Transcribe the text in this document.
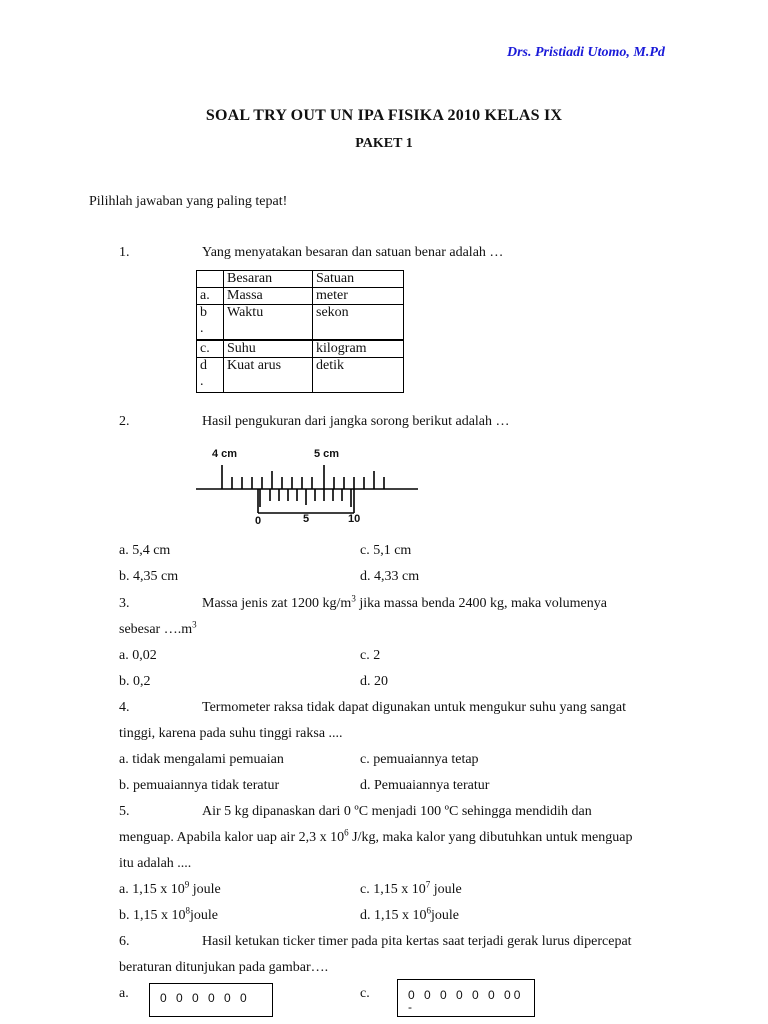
Drs. Pristiadi Utomo, M.Pd
SOAL TRY OUT UN IPA FISIKA 2010 KELAS IX
PAKET 1
Pilihlah jawaban yang paling tepat!
1.	Yang menyatakan besaran dan satuan benar adalah …
	Besaran	Satuan
a.	Massa	meter
b
.	Waktu	sekon
c.	Suhu	kilogram
d
.	Kuat arus	detik
2.	Hasil pengukuran dari jangka sorong berikut adalah …
4 cm	5 cm
0	5	10
a. 5,4 cm	c. 5,1 cm
b. 4,35 cm	d. 4,33 cm
3.	Massa jenis zat 1200 $kg/m^3$ jika massa benda 2400 kg, maka volumenya
sebesar $\dots.m^3$
a. 0,02	c. 2
b. 0,2	d. 20
4.	Termometer raksa tidak dapat digunakan untuk mengukur suhu yang sangat
tinggi, karena pada suhu tinggi raksa ....
a. tidak mengalami pemuaian	c. pemuaiannya tetap
b. pemuaiannya tidak teratur	d. Pemuaiannya teratur
5.	Air 5 kg dipanaskan dari 0 ºC menjadi 100 ºC sehingga mendidih dan
menguap. Apabila kalor uap air 2,3 x $10^6$ J/kg, maka kalor yang dibutuhkan untuk menguap
itu adalah ....
a. 1,15 x $10^9$ joule	c. 1,15 x $10^7$ joule
b. 1,15 x $10^8joule$	d. 1,15 x $10^6joule$
6.	Hasil ketukan ticker timer pada pita kertas saat terjadi gerak lurus dipercepat
beraturan ditunjukan pada gambar….
a.	0 0 0 0 0 0	c.	0 0 0 0 0 0 00
-
